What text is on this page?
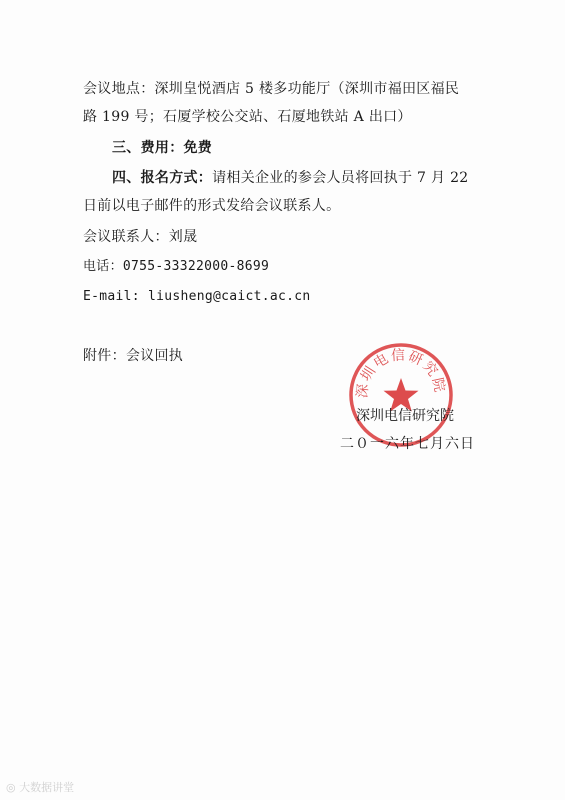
会议地点：深圳皇悦酒店 5 楼多功能厅（深圳市福田区福民
路 199 号；石厦学校公交站、石厦地铁站 A 出口）
三、费用：免费
四、报名方式：请相关企业的参会人员将回执于 7 月 22
日前以电子邮件的形式发给会议联系人。
会议联系人：刘晟
电话：0755-33322000-8699
E-mail: liusheng@caict.ac.cn
附件：会议回执
深圳电信研究院
深圳电信研究院
二０一六年七月六日
◎ 大数据讲堂
